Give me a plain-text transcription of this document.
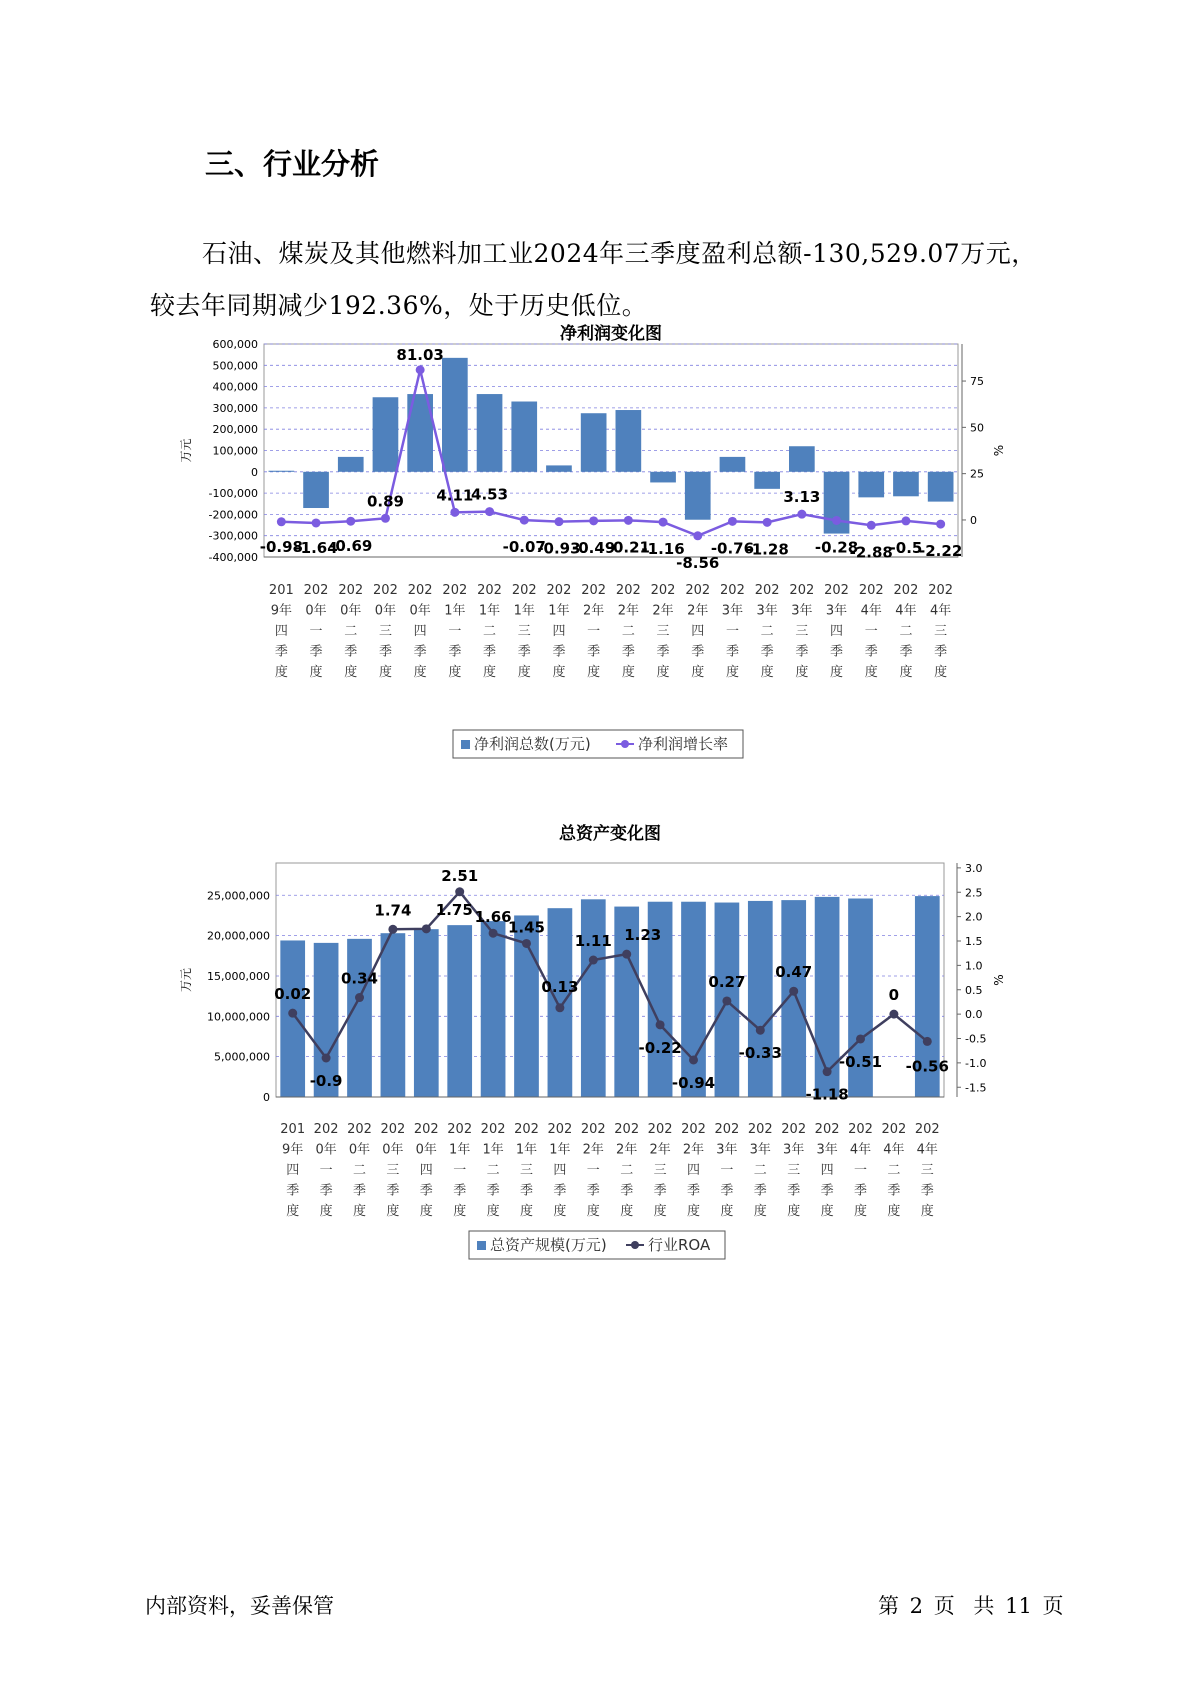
三、行业分析

石油、煤炭及其他燃料加工业2024年三季度盈利总额-130,529.07万元，较去年同期减少192.36%，处于历史低位。

净利润变化图
600,000
500,000
400,000
300,000
200,000
100,000
0
-100,000
-200,000
-300,000
-400,000
75
50
25
0
万元	%
201
9年
四
季
度
202
0年
一
季
度
202
0年
二
季
度
202
0年
三
季
度
202
0年
四
季
度
202
1年
一
季
度
202
1年
二
季
度
202
1年
三
季
度
202
1年
四
季
度
202
2年
一
季
度
202
2年
二
季
度
202
2年
三
季
度
202
2年
四
季
度
202
3年
一
季
度
202
3年
二
季
度
202
3年
三
季
度
202
3年
四
季
度
202
4年
一
季
度
202
4年
二
季
度
202
4年
三
季
度
-0.98
-1.64
-0.69
0.89
81.03
4.11
4.53
-0.07
-0.93
-0.49
-0.21
-1.16
-8.56
-0.76
-1.28
3.13
-0.28
-2.88
-0.5
-2.22
净利润总数(万元)	净利润增长率
总资产变化图
25,000,000
20,000,000
15,000,000
10,000,000
5,000,000
0
3.0
2.5
2.0
1.5
1.0
0.5
0.0
-0.5
-1.0
-1.5
万元	%
201
9年
四
季
度
202
0年
一
季
度
202
0年
二
季
度
202
0年
三
季
度
202
0年
四
季
度
202
1年
一
季
度
202
1年
二
季
度
202
1年
三
季
度
202
1年
四
季
度
202
2年
一
季
度
202
2年
二
季
度
202
2年
三
季
度
202
2年
四
季
度
202
3年
一
季
度
202
3年
二
季
度
202
3年
三
季
度
202
3年
四
季
度
202
4年
一
季
度
202
4年
二
季
度
202
4年
三
季
度
0.02
-0.9
0.34
1.74 1.75
2.51
1.66
1.45
0.13
1.11 1.23
-0.22
-0.94
0.27
-0.33
0.47
-1.18
-0.51
0
-0.56
总资产规模(万元)	行业ROA
内部资料，妥善保管	第 2 页 共 11 页
